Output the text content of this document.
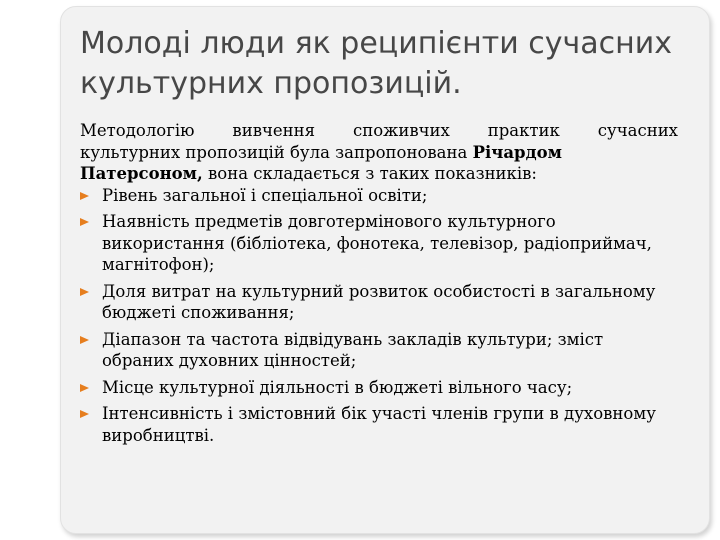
Молоді люди як реципієнти сучасних
культурних пропозицій.

Методологію вивчення споживчих практик сучасних

культурних пропозицій була запропонована Річардом

Патерсоном, вона складається з таких показників:

Рівень загальної і спеціальної освіти;
Наявність предметів довготермінового культурного використання (бібліотека, фонотека, телевізор, радіоприймач, магнітофон);
Доля витрат на культурний розвиток особистості в загальному бюджеті споживання;
Діапазон та частота відвідувань закладів культури; зміст обраних духовних цінностей;
Місце культурної діяльності в бюджеті вільного часу;
Інтенсивність і змістовний бік участі членів групи в духовному виробництві.
